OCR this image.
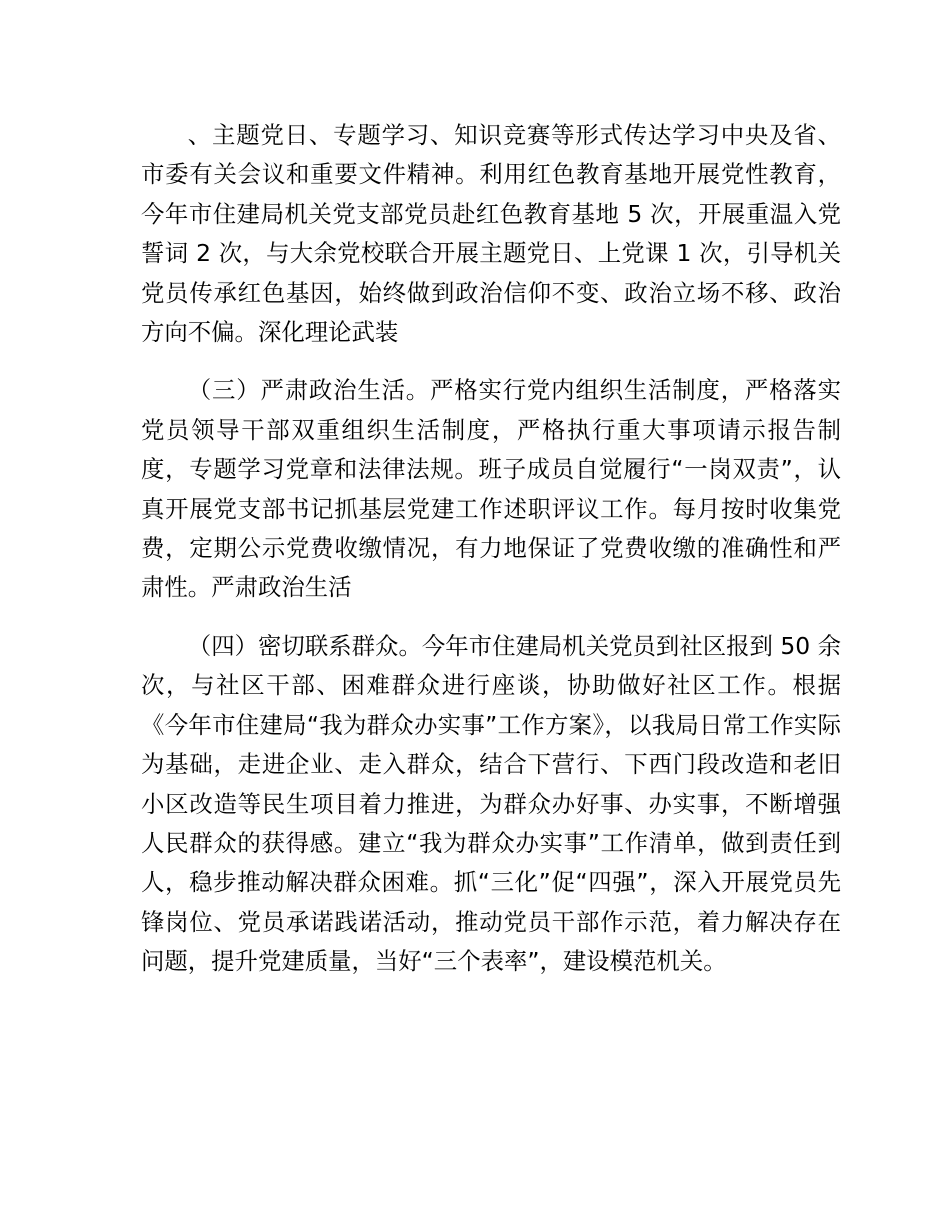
、主题党日、专题学习、知识竞赛等形式传达学习中央及省、市委有关会议和重要文件精神。利用红色教育基地开展党性教育，今年市住建局机关党支部党员赴红色教育基地 5 次，开展重温入党誓词 2 次，与大余党校联合开展主题党日、上党课 1 次，引导机关党员传承红色基因，始终做到政治信仰不变、政治立场不移、政治方向不偏。深化理论武装

（三）严肃政治生活。严格实行党内组织生活制度，严格落实党员领导干部双重组织生活制度，严格执行重大事项请示报告制度，专题学习党章和法律法规。班子成员自觉履行“一岗双责”，认真开展党支部书记抓基层党建工作述职评议工作。每月按时收集党费，定期公示党费收缴情况，有力地保证了党费收缴的准确性和严肃性。严肃政治生活

（四）密切联系群众。今年市住建局机关党员到社区报到 50 余次，与社区干部、困难群众进行座谈，协助做好社区工作。根据《今年市住建局“我为群众办实事”工作方案》，以我局日常工作实际为基础，走进企业、走入群众，结合下营行、下西门段改造和老旧小区改造等民生项目着力推进，为群众办好事、办实事，不断增强人民群众的获得感。建立“我为群众办实事”工作清单，做到责任到人，稳步推动解决群众困难。抓“三化”促“四强”，深入开展党员先锋岗位、党员承诺践诺活动，推动党员干部作示范，着力解决存在问题，提升党建质量，当好“三个表率”，建设模范机关。
